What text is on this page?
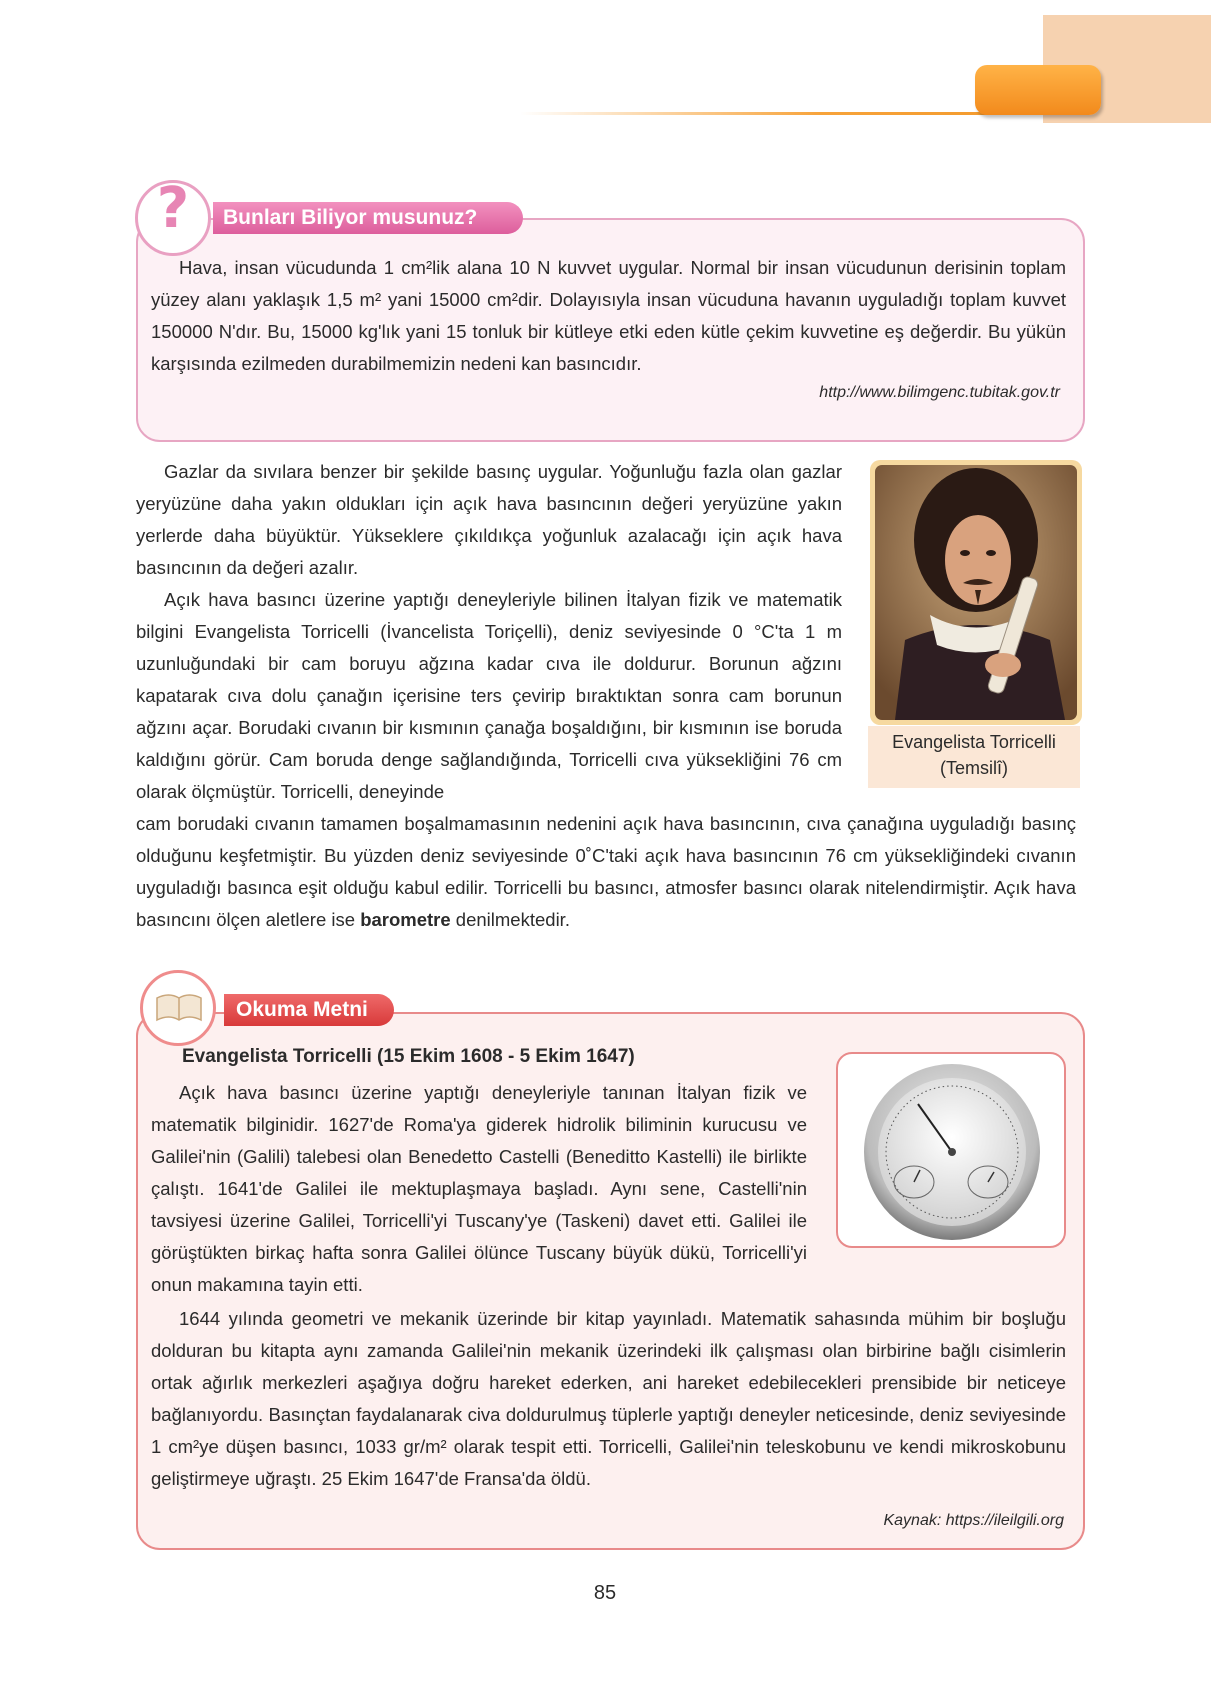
?	Bunları Biliyor musunuz?
Hava, insan vücudunda 1 cm²lik alana 10 N kuvvet uygular. Normal bir insan vücudunun derisinin toplam yüzey alanı yaklaşık 1,5 m² yani 15000 cm²dir. Dolayısıyla insan vücuduna havanın uyguladığı toplam kuvvet 150000 N'dır. Bu, 15000 kg'lık yani 15 tonluk bir kütleye etki eden kütle çekim kuvvetine eş değerdir. Bu yükün karşısında ezilmeden durabilmemizin nedeni kan basıncıdır.
http://www.bilimgenc.tubitak.gov.tr
Gazlar da sıvılara benzer bir şekilde basınç uygular. Yoğunluğu fazla olan gazlar yeryüzüne daha yakın oldukları için açık hava basıncının değeri yeryüzüne yakın yerlerde daha büyüktür. Yükseklere çıkıldıkça yoğunluk azalacağı için açık hava basıncının da değeri azalır.
Açık hava basıncı üzerine yaptığı deneyleriyle bilinen İtalyan fizik ve matematik bilgini Evangelista Torricelli (İvancelista Toriçelli), deniz seviyesinde 0 °C'ta 1 m uzunluğundaki bir cam boruyu ağzına kadar cıva ile doldurur. Borunun ağzını kapatarak cıva dolu çanağın içerisine ters çevirip bıraktıktan sonra cam borunun ağzını açar. Borudaki cıvanın bir kısmının çanağa boşaldığını, bir kısmının ise boruda kaldığını görür. Cam boruda denge sağlandığında, Torricelli cıva yüksekliğini 76 cm olarak ölçmüştür. Torricelli, deneyinde
cam borudaki cıvanın tamamen boşalmamasının nedenini açık hava basıncının, cıva çanağına uyguladığı basınç olduğunu keşfetmiştir. Bu yüzden deniz seviyesinde 0˚C'taki açık hava basıncının 76 cm yüksekliğindeki cıvanın uyguladığı basınca eşit olduğu kabul edilir. Torricelli bu basıncı, atmosfer basıncı olarak nitelendirmiştir. Açık hava basıncını ölçen aletlere ise barometre denilmektedir.
Evangelista Torricelli
(Temsilî)
Okuma Metni
Evangelista Torricelli (15 Ekim 1608 - 5 Ekim 1647)
Açık hava basıncı üzerine yaptığı deneyleriyle tanınan İtalyan fizik ve matematik bilginidir. 1627'de Roma'ya giderek hidrolik biliminin kurucusu ve Galilei'nin (Galili) talebesi olan Benedetto Castelli (Beneditto Kastelli) ile birlikte çalıştı. 1641'de Galilei ile mektuplaşmaya başladı. Aynı sene, Castelli'nin tavsiyesi üzerine Galilei, Torricelli'yi Tuscany'ye (Taskeni) davet etti. Galilei ile görüştükten birkaç hafta sonra Galilei ölünce Tuscany büyük dükü, Torricelli'yi onun makamına tayin etti.
1644 yılında geometri ve mekanik üzerinde bir kitap yayınladı. Matematik sahasında mühim bir boşluğu dolduran bu kitapta aynı zamanda Galilei'nin mekanik üzerindeki ilk çalışması olan birbirine bağlı cisimlerin ortak ağırlık merkezleri aşağıya doğru hareket ederken, ani hareket edebilecekleri prensibide bir neticeye bağlanıyordu. Basınçtan faydalanarak civa doldurulmuş tüplerle yaptığı deneyler neticesinde, deniz seviyesinde 1 cm²ye düşen basıncı, 1033 gr/m² olarak tespit etti. Torricelli, Galilei'nin teleskobunu ve kendi mikroskobunu geliştirmeye uğraştı. 25 Ekim 1647'de Fransa'da öldü.
Kaynak: https://ileilgili.org
85
